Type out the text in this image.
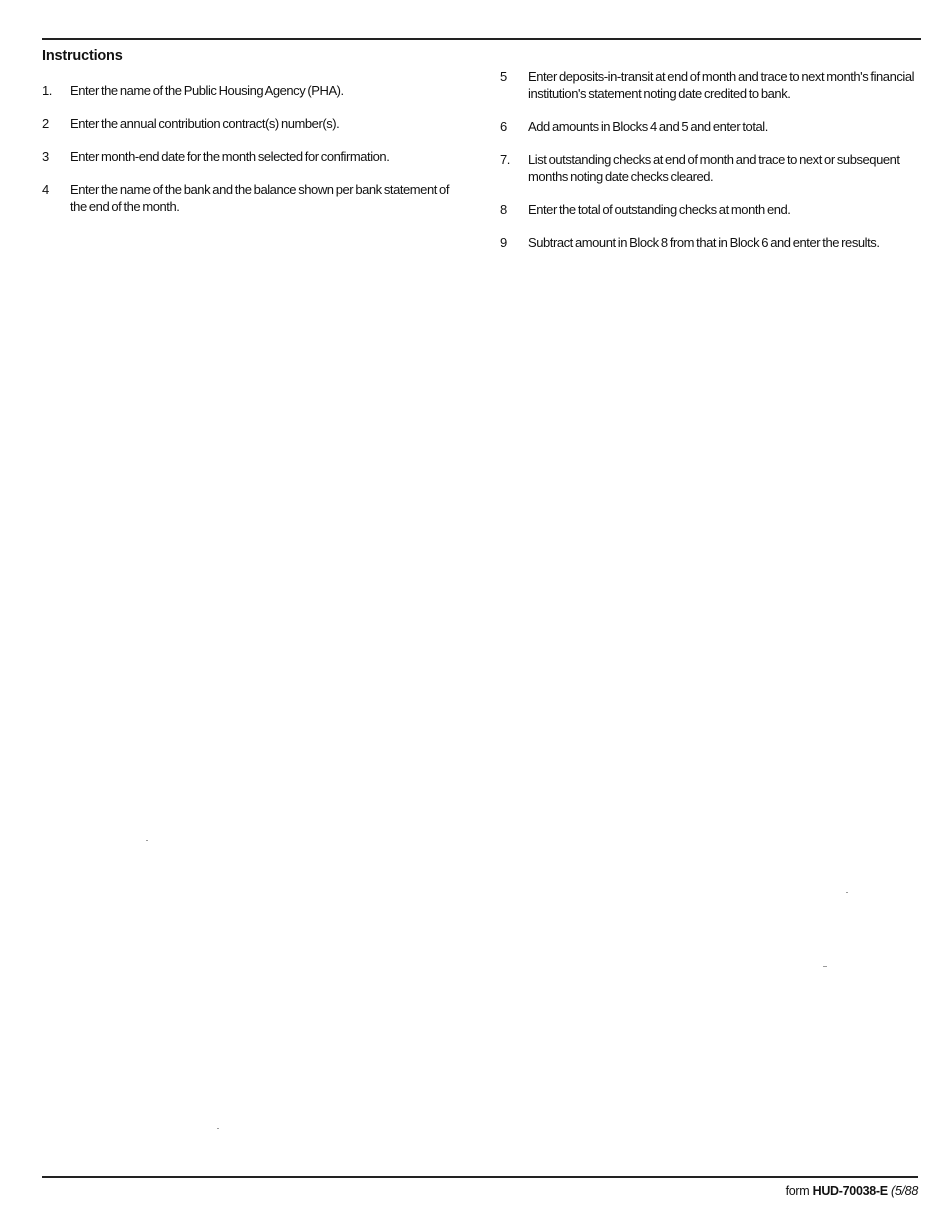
Instructions
1.	Enter the name of the Public Housing Agency (PHA).
2	Enter the annual contribution contract(s) number(s).
3	Enter month-end date for the month selected for confirmation.
4	Enter the name of the bank and the balance shown per bank statement of the end of the month.
5	Enter deposits-in-transit at end of month and trace to next month's financial institution's statement noting date credited to bank.
6	Add amounts in Blocks 4 and 5 and enter total.
7.	List outstanding checks at end of month and trace to next or subsequent months noting date checks cleared.
8	Enter the total of outstanding checks at month end.
9	Subtract amount in Block 8 from that in Block 6 and enter the results.
form HUD-70038-E (5/88
